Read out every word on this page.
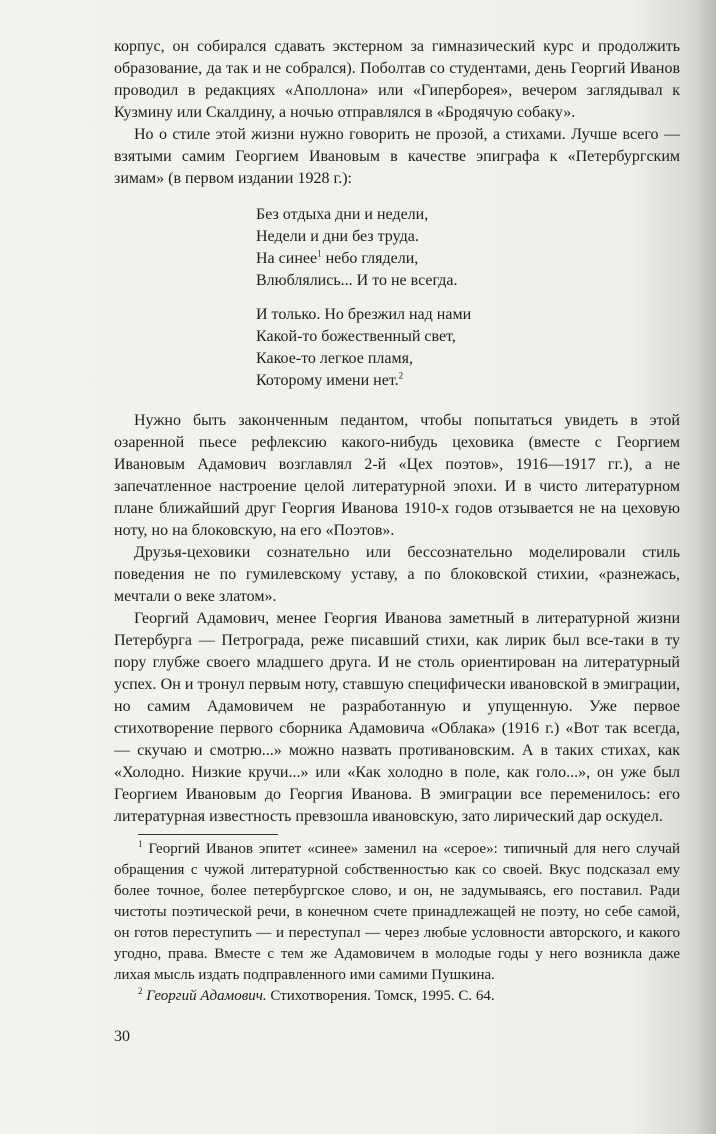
корпус, он собирался сдавать экстерном за гимназический курс и продолжить образование, да так и не собрался). Поболтав со студентами, день Георгий Иванов проводил в редакциях «Аполлона» или «Гиперборея», вечером заглядывал к Кузмину или Скалдину, а ночью отправлялся в «Бродячую собаку».

Но о стиле этой жизни нужно говорить не прозой, а стихами. Лучше всего — взятыми самим Георгием Ивановым в качестве эпиграфа к «Петербургским зимам» (в первом издании 1928 г.):

Без отдыха дни и недели,
Недели и дни без труда.
На синее$^1$ небо глядели,
Влюблялись... И то не всегда.
И только. Но брезжил над нами
Какой-то божественный свет,
Какое-то легкое пламя,
Которому имени нет.$^2$

Нужно быть законченным педантом, чтобы попытаться увидеть в этой озаренной пьесе рефлексию какого-нибудь цеховика (вместе с Георгием Ивановым Адамович возглавлял 2-й «Цех поэтов», 1916—1917 гг.), а не запечатленное настроение целой литературной эпохи. И в чисто литературном плане ближайший друг Георгия Иванова 1910-х годов отзывается не на цеховую ноту, но на блоковскую, на его «Поэтов».

Друзья-цеховики сознательно или бессознательно моделировали стиль поведения не по гумилевскому уставу, а по блоковской стихии, «разнежась, мечтали о веке златом».

Георгий Адамович, менее Георгия Иванова заметный в литературной жизни Петербурга — Петрограда, реже писавший стихи, как лирик был все-таки в ту пору глубже своего младшего друга. И не столь ориентирован на литературный успех. Он и тронул первым ноту, ставшую специфически ивановской в эмиграции, но самим Адамовичем не разработанную и упущенную. Уже первое стихотворение первого сборника Адамовича «Облака» (1916 г.) «Вот так всегда, — скучаю и смотрю...» можно назвать противановским. А в таких стихах, как «Холодно. Низкие кручи...» или «Как холодно в поле, как голо...», он уже был Георгием Ивановым до Георгия Иванова. В эмиграции все переменилось: его литературная известность превзошла ивановскую, зато лирический дар оскудел.

$^1$ Георгий Иванов эпитет «синее» заменил на «серое»: типичный для него случай обращения с чужой литературной собственностью как со своей. Вкус подсказал ему более точное, более петербургское слово, и он, не задумываясь, его поставил. Ради чистоты поэтической речи, в конечном счете принадлежащей не поэту, но себе самой, он готов переступить — и переступал — через любые условности авторского, и какого угодно, права. Вместе с тем же Адамовичем в молодые годы у него возникла даже лихая мысль издать подправленного ими самими Пушкина.

$^2$ Георгий Адамович. Стихотворения. Томск, 1995. С. 64.

30
